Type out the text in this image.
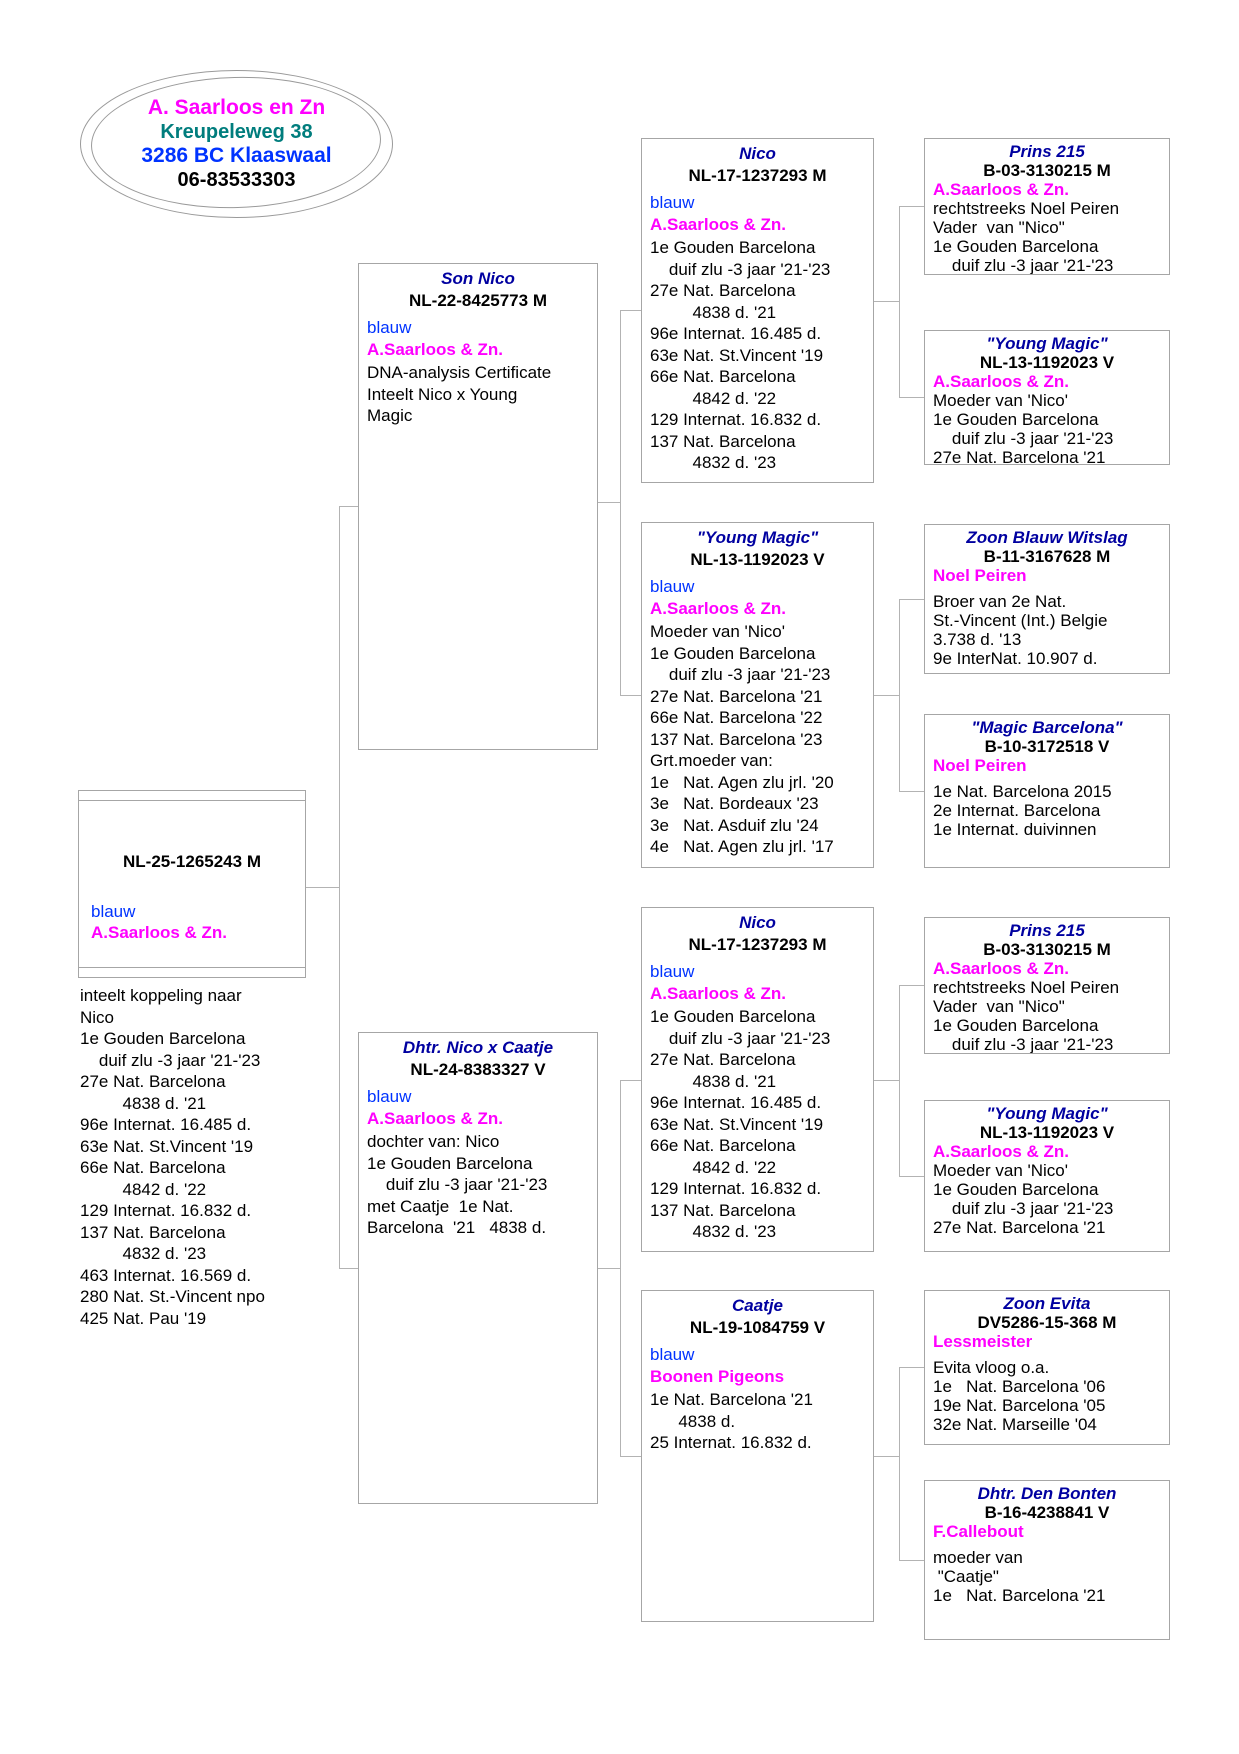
A. Saarloos en Zn
Kreupeleweg 38
3286 BC Klaaswaal
06-83533303
NL-25-1265243 M
blauw
A.Saarloos & Zn.
inteelt koppeling naar
Nico
1e Gouden Barcelona
duif zlu -3 jaar '21-'23
27e Nat. Barcelona
4838 d. '21
96e Internat. 16.485 d.
63e Nat. St.Vincent '19
66e Nat. Barcelona
4842 d. '22
129 Internat. 16.832 d.
137 Nat. Barcelona
4832 d. '23
463 Internat. 16.569 d.
280 Nat. St.-Vincent npo
425 Nat. Pau '19
Son Nico
NL-22-8425773 M
blauw
A.Saarloos & Zn.
DNA-analysis Certificate
Inteelt Nico x Young
Magic
Dhtr. Nico x Caatje
NL-24-8383327 V
blauw
A.Saarloos & Zn.
dochter van: Nico
1e Gouden Barcelona
duif zlu -3 jaar '21-'23
met Caatje  1e Nat.
Barcelona  '21   4838 d.
Nico
NL-17-1237293 M
blauw
A.Saarloos & Zn.
1e Gouden Barcelona
duif zlu -3 jaar '21-'23
27e Nat. Barcelona
4838 d. '21
96e Internat. 16.485 d.
63e Nat. St.Vincent '19
66e Nat. Barcelona
4842 d. '22
129 Internat. 16.832 d.
137 Nat. Barcelona
4832 d. '23
"Young Magic"
NL-13-1192023 V
blauw
A.Saarloos & Zn.
Moeder van 'Nico'
1e Gouden Barcelona
duif zlu -3 jaar '21-'23
27e Nat. Barcelona '21
66e Nat. Barcelona '22
137 Nat. Barcelona '23
Grt.moeder van:
1e   Nat. Agen zlu jrl. '20
3e   Nat. Bordeaux '23
3e   Nat. Asduif zlu '24
4e   Nat. Agen zlu jrl. '17
Nico
NL-17-1237293 M
blauw
A.Saarloos & Zn.
1e Gouden Barcelona
duif zlu -3 jaar '21-'23
27e Nat. Barcelona
4838 d. '21
96e Internat. 16.485 d.
63e Nat. St.Vincent '19
66e Nat. Barcelona
4842 d. '22
129 Internat. 16.832 d.
137 Nat. Barcelona
4832 d. '23
Caatje
NL-19-1084759 V
blauw
Boonen Pigeons
1e Nat. Barcelona '21
4838 d.
25 Internat. 16.832 d.
Prins 215
B-03-3130215 M
A.Saarloos & Zn.
rechtstreeks Noel Peiren
Vader  van "Nico"
1e Gouden Barcelona
duif zlu -3 jaar '21-'23
"Young Magic"
NL-13-1192023 V
A.Saarloos & Zn.
Moeder van 'Nico'
1e Gouden Barcelona
duif zlu -3 jaar '21-'23
27e Nat. Barcelona '21
Zoon Blauw Witslag
B-11-3167628 M
Noel Peiren
Broer van 2e Nat.
St.-Vincent (Int.) Belgie
3.738 d. '13
9e InterNat. 10.907 d.
"Magic Barcelona"
B-10-3172518 V
Noel Peiren
1e Nat. Barcelona 2015
2e Internat. Barcelona
1e Internat. duivinnen
Prins 215
B-03-3130215 M
A.Saarloos & Zn.
rechtstreeks Noel Peiren
Vader  van "Nico"
1e Gouden Barcelona
duif zlu -3 jaar '21-'23
"Young Magic"
NL-13-1192023 V
A.Saarloos & Zn.
Moeder van 'Nico'
1e Gouden Barcelona
duif zlu -3 jaar '21-'23
27e Nat. Barcelona '21
Zoon Evita
DV5286-15-368 M
Lessmeister
Evita vloog o.a.
1e   Nat. Barcelona '06
19e Nat. Barcelona '05
32e Nat. Marseille '04
Dhtr. Den Bonten
B-16-4238841 V
F.Callebout
moeder van
"Caatje"
1e   Nat. Barcelona '21
